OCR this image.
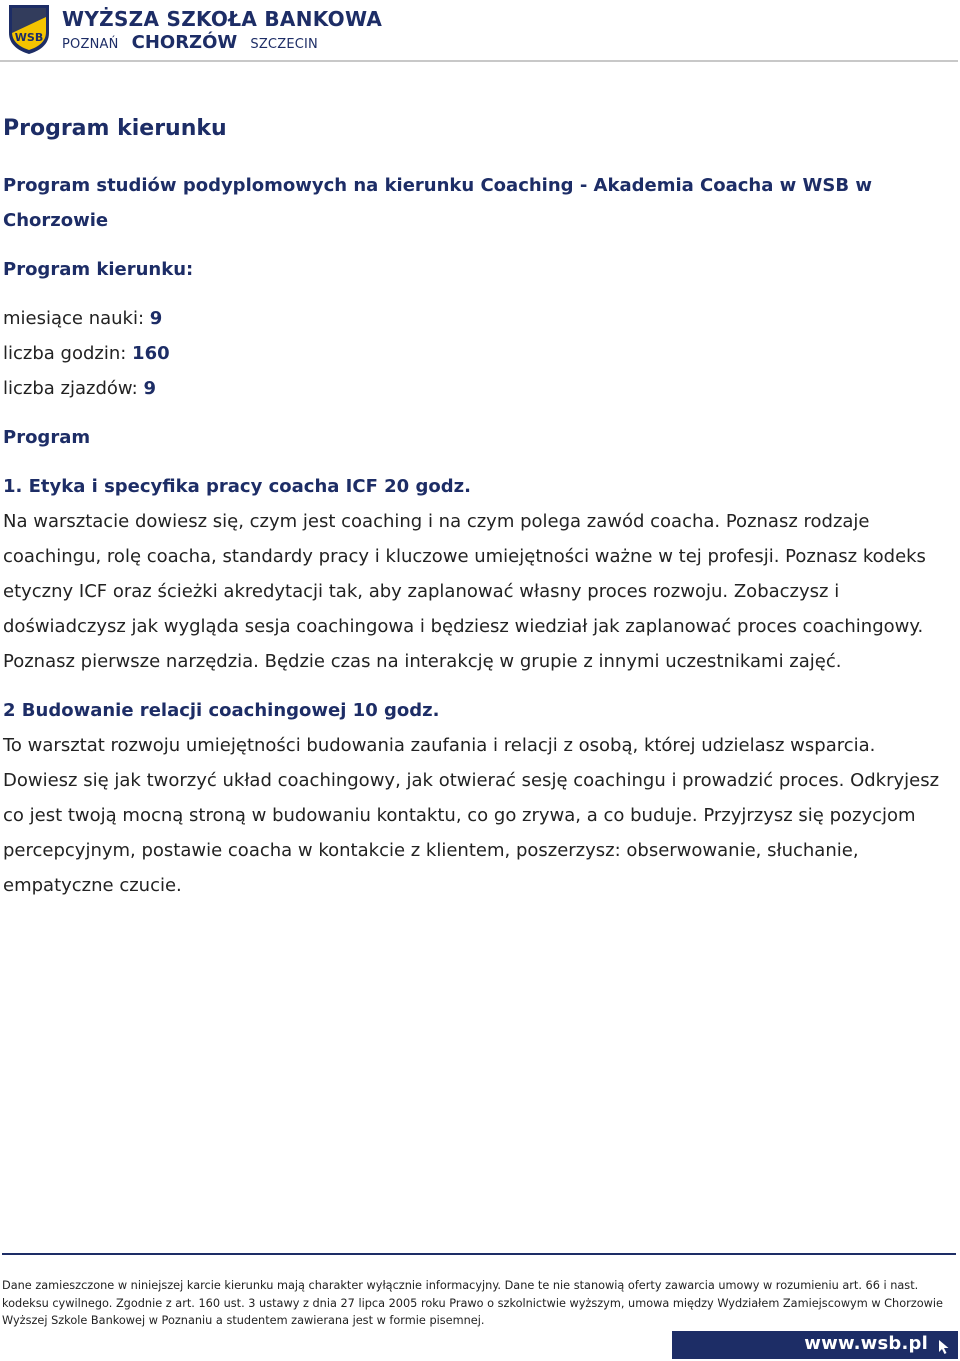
WSB
WYŻSZA SZKOŁA BANKOWA
POZNAŃ CHORZÓW SZCZECIN

Program kierunku

Program studiów podyplomowych na kierunku Coaching - Akademia Coacha w WSB w Chorzowie

Program kierunku:

miesiące nauki: 9

liczba godzin: 160

liczba zjazdów: 9

Program

1. Etyka i specyfika pracy coacha ICF 20 godz.

Na warsztacie dowiesz się, czym jest coaching i na czym polega zawód coacha. Poznasz rodzaje coachingu, rolę coacha, standardy pracy i kluczowe umiejętności ważne w tej profesji. Poznasz kodeks etyczny ICF oraz ścieżki akredytacji tak, aby zaplanować własny proces rozwoju. Zobaczysz i doświadczysz jak wygląda sesja coachingowa i będziesz wiedział jak zaplanować proces coachingowy. Poznasz pierwsze narzędzia. Będzie czas na interakcję w grupie z innymi uczestnikami zajęć.

2 Budowanie relacji coachingowej 10 godz.

To warsztat rozwoju umiejętności budowania zaufania i relacji z osobą, której udzielasz wsparcia. Dowiesz się jak tworzyć układ coachingowy, jak otwierać sesję coachingu i prowadzić proces. Odkryjesz co jest twoją mocną stroną w budowaniu kontaktu, co go zrywa, a co buduje. Przyjrzysz się pozycjom percepcyjnym, postawie coacha w kontakcie z klientem, poszerzysz: obserwowanie, słuchanie, empatyczne czucie.

Dane zamieszczone w niniejszej karcie kierunku mają charakter wyłącznie informacyjny. Dane te nie stanowią oferty zawarcia umowy w rozumieniu art. 66 i nast.
kodeksu cywilnego. Zgodnie z art. 160 ust. 3 ustawy z dnia 27 lipca 2005 roku Prawo o szkolnictwie wyższym, umowa między Wydziałem Zamiejscowym w Chorzowie
Wyższej Szkole Bankowej w Poznaniu a studentem zawierana jest w formie pisemnej.
www.wsb.pl
